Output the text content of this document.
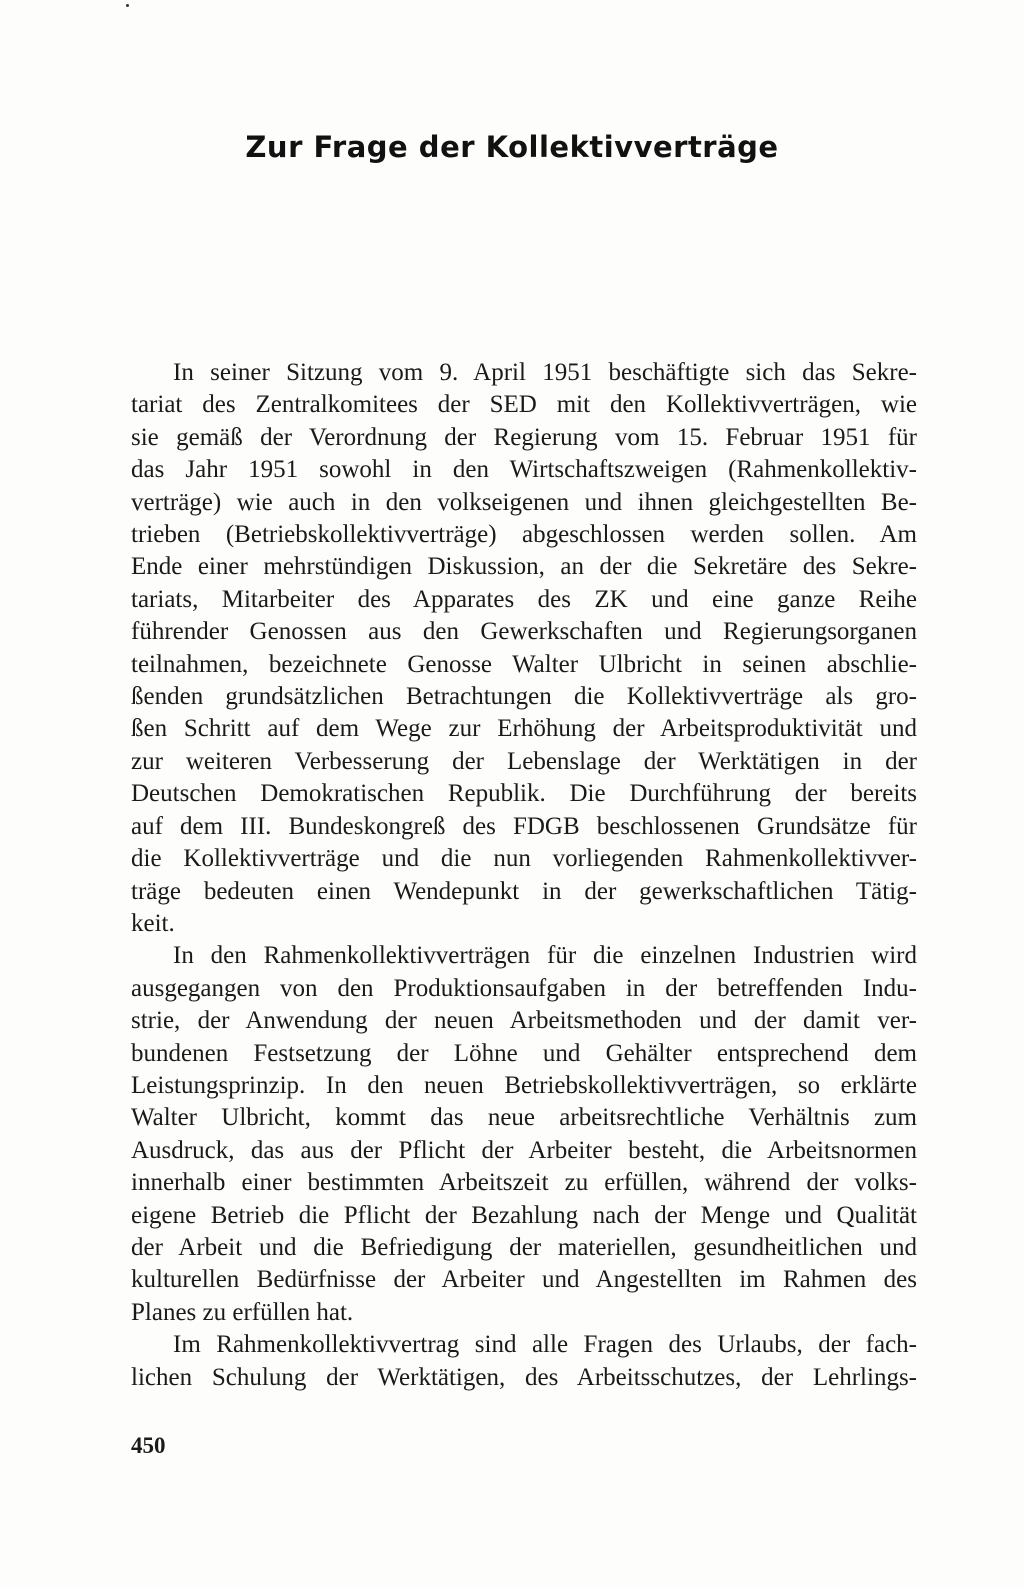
Zur Frage der Kollektivverträge
In seiner Sitzung vom 9. April 1951 beschäftigte sich das Sekre-
tariat des Zentralkomitees der SED mit den Kollektivverträgen, wie
sie gemäß der Verordnung der Regierung vom 15. Februar 1951 für
das Jahr 1951 sowohl in den Wirtschaftszweigen (Rahmenkollektiv-
verträge) wie auch in den volkseigenen und ihnen gleichgestellten Be-
trieben (Betriebskollektivverträge) abgeschlossen werden sollen. Am
Ende einer mehrstündigen Diskussion, an der die Sekretäre des Sekre-
tariats, Mitarbeiter des Apparates des ZK und eine ganze Reihe
führender Genossen aus den Gewerkschaften und Regierungsorganen
teilnahmen, bezeichnete Genosse Walter Ulbricht in seinen abschlie-
ßenden grundsätzlichen Betrachtungen die Kollektivverträge als gro-
ßen Schritt auf dem Wege zur Erhöhung der Arbeitsproduktivität und
zur weiteren Verbesserung der Lebenslage der Werktätigen in der
Deutschen Demokratischen Republik. Die Durchführung der bereits
auf dem III. Bundeskongreß des FDGB beschlossenen Grundsätze für
die Kollektivverträge und die nun vorliegenden Rahmenkollektivver-
träge bedeuten einen Wendepunkt in der gewerkschaftlichen Tätig-
keit.
In den Rahmenkollektivverträgen für die einzelnen Industrien wird
ausgegangen von den Produktionsaufgaben in der betreffenden Indu-
strie, der Anwendung der neuen Arbeitsmethoden und der damit ver-
bundenen Festsetzung der Löhne und Gehälter entsprechend dem
Leistungsprinzip. In den neuen Betriebskollektivverträgen, so erklärte
Walter Ulbricht, kommt das neue arbeitsrechtliche Verhältnis zum
Ausdruck, das aus der Pflicht der Arbeiter besteht, die Arbeitsnormen
innerhalb einer bestimmten Arbeitszeit zu erfüllen, während der volks-
eigene Betrieb die Pflicht der Bezahlung nach der Menge und Qualität
der Arbeit und die Befriedigung der materiellen, gesundheitlichen und
kulturellen Bedürfnisse der Arbeiter und Angestellten im Rahmen des
Planes zu erfüllen hat.
Im Rahmenkollektivvertrag sind alle Fragen des Urlaubs, der fach-
lichen Schulung der Werktätigen, des Arbeitsschutzes, der Lehrlings-

450
